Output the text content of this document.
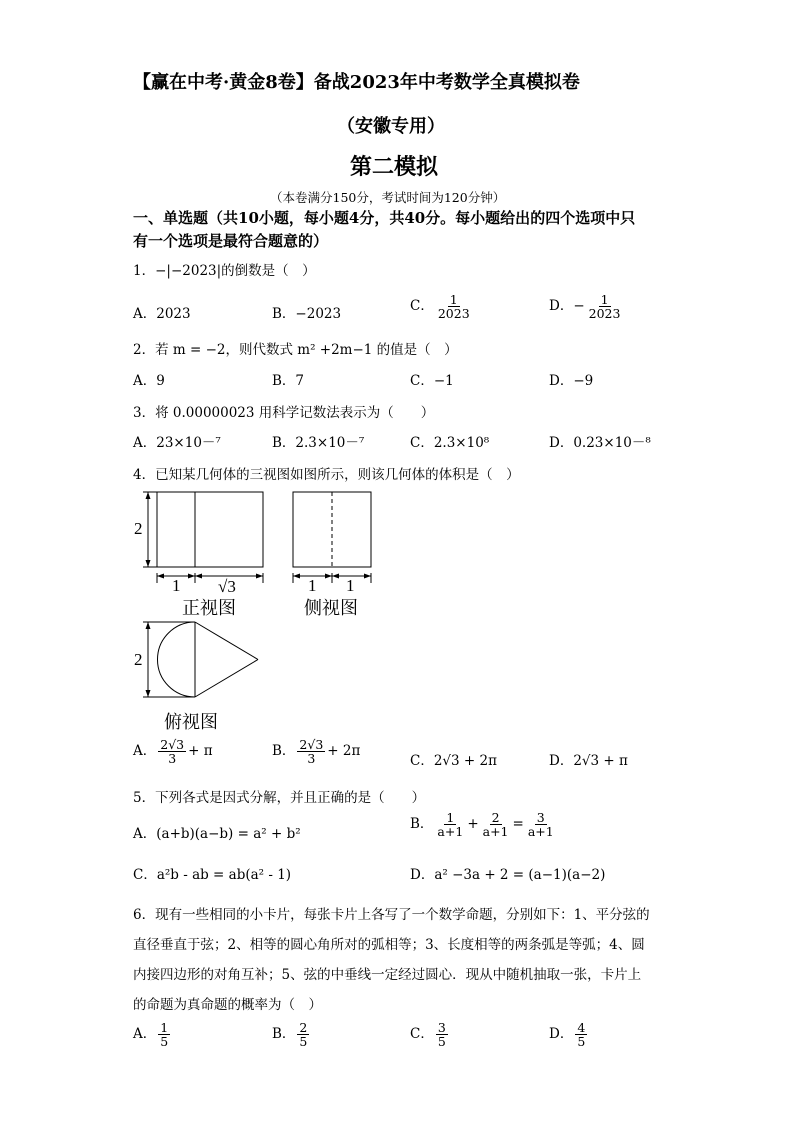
【赢在中考·黄金8卷】备战2023年中考数学全真模拟卷
（安徽专用）
第二模拟
（本卷满分150分，考试时间为120分钟）
一、单选题（共10小题，每小题4分，共40分。每小题给出的四个选项中只
有一个选项是最符合题意的）
1．−|−2023|的倒数是（　）
A．2023	B．−2023	C． $\frac{1}{2023}$	D．− $\frac{1}{2023}$
2．若 m = −2，则代数式 m² +2m−1 的值是（　）
A．9	B．7	C．−1	D．−9
3．将 0.00000023 用科学记数法表示为（　　）
A．23×10－⁷	B．2.3×10－⁷	C．2.3×10⁸	D．0.23×10－⁸
4．已知某几何体的三视图如图所示，则该几何体的体积是（　）
2
1 √3
正视图
1 1
侧视图
2
俯视图
A． $\frac{2√3}{3} + \pi$	B． $\frac{2√3}{3} + 2\pi$
C．2√3 + 2π	D．2√3 + π
5．下列各式是因式分解，并且正确的是（　　）
A．(a+b)(a−b) = a² + b²
B． $\frac{1}{a+1} + \frac{2}{a+1} = \frac{3}{a+1}$
C．a²b - ab = ab(a² - 1)	D．a² −3a + 2 = (a−1)(a−2)
6．现有一些相同的小卡片，每张卡片上各写了一个数学命题，分别如下：1、平分弦的
直径垂直于弦；2、相等的圆心角所对的弧相等；3、长度相等的两条弧是等弧；4、圆
内接四边形的对角互补；5、弦的中垂线一定经过圆心．现从中随机抽取一张，卡片上
的命题为真命题的概率为（　）
A． $\frac{1}{5}$	B． $\frac{2}{5}$	C． $\frac{3}{5}$	D． $\frac{4}{5}$
